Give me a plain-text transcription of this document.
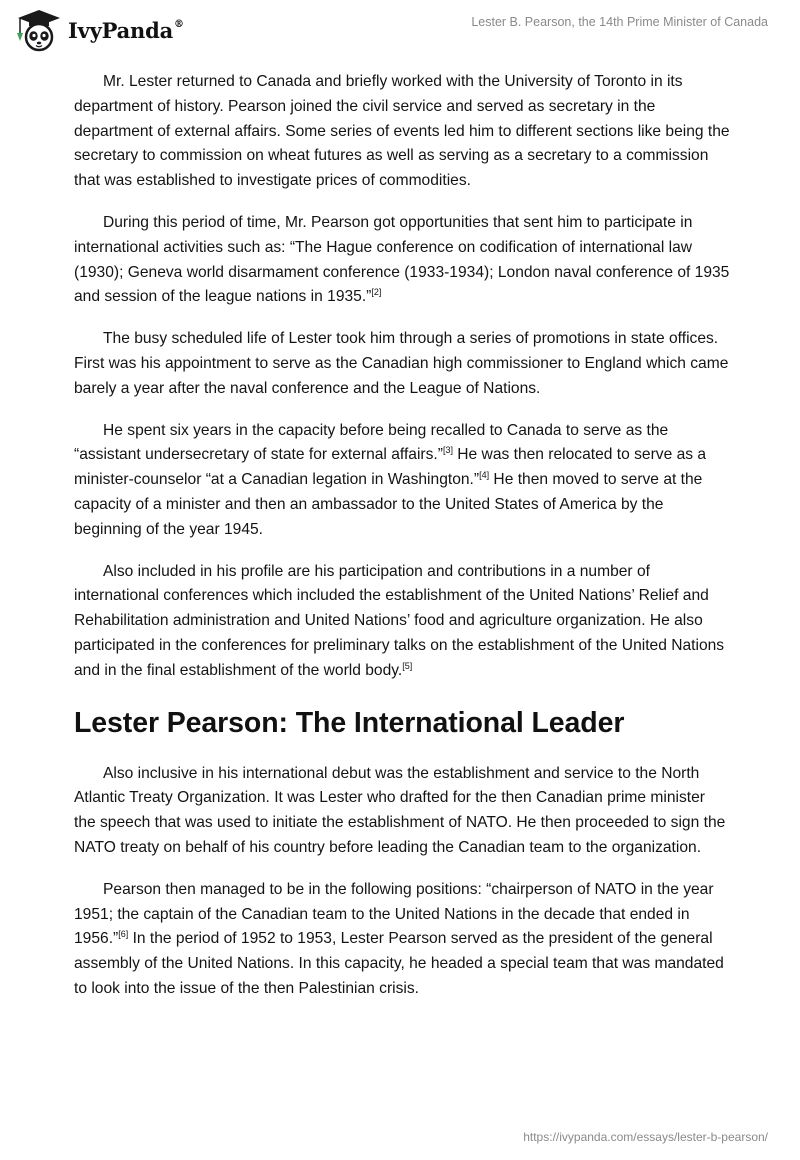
IvyPanda®	Lester B. Pearson, the 14th Prime Minister of Canada

Mr. Lester returned to Canada and briefly worked with the University of Toronto in its department of history. Pearson joined the civil service and served as secretary in the department of external affairs. Some series of events led him to different sections like being the secretary to commission on wheat futures as well as serving as a secretary to a commission that was established to investigate prices of commodities.

During this period of time, Mr. Pearson got opportunities that sent him to participate in international activities such as: “The Hague conference on codification of international law (1930); Geneva world disarmament conference (1933-1934); London naval conference of 1935 and session of the league nations in 1935.”[2]

The busy scheduled life of Lester took him through a series of promotions in state offices. First was his appointment to serve as the Canadian high commissioner to England which came barely a year after the naval conference and the League of Nations.

He spent six years in the capacity before being recalled to Canada to serve as the “assistant undersecretary of state for external affairs.”[3] He was then relocated to serve as a minister-counselor “at a Canadian legation in Washington.”[4] He then moved to serve at the capacity of a minister and then an ambassador to the United States of America by the beginning of the year 1945.

Also included in his profile are his participation and contributions in a number of international conferences which included the establishment of the United Nations’ Relief and Rehabilitation administration and United Nations’ food and agriculture organization. He also participated in the conferences for preliminary talks on the establishment of the United Nations and in the final establishment of the world body.[5]

Lester Pearson: The International Leader

Also inclusive in his international debut was the establishment and service to the North Atlantic Treaty Organization. It was Lester who drafted for the then Canadian prime minister the speech that was used to initiate the establishment of NATO. He then proceeded to sign the NATO treaty on behalf of his country before leading the Canadian team to the organization.

Pearson then managed to be in the following positions: “chairperson of NATO in the year 1951; the captain of the Canadian team to the United Nations in the decade that ended in 1956.”[6] In the period of 1952 to 1953, Lester Pearson served as the president of the general assembly of the United Nations. In this capacity, he headed a special team that was mandated to look into the issue of the then Palestinian crisis.

https://ivypanda.com/essays/lester-b-pearson/
